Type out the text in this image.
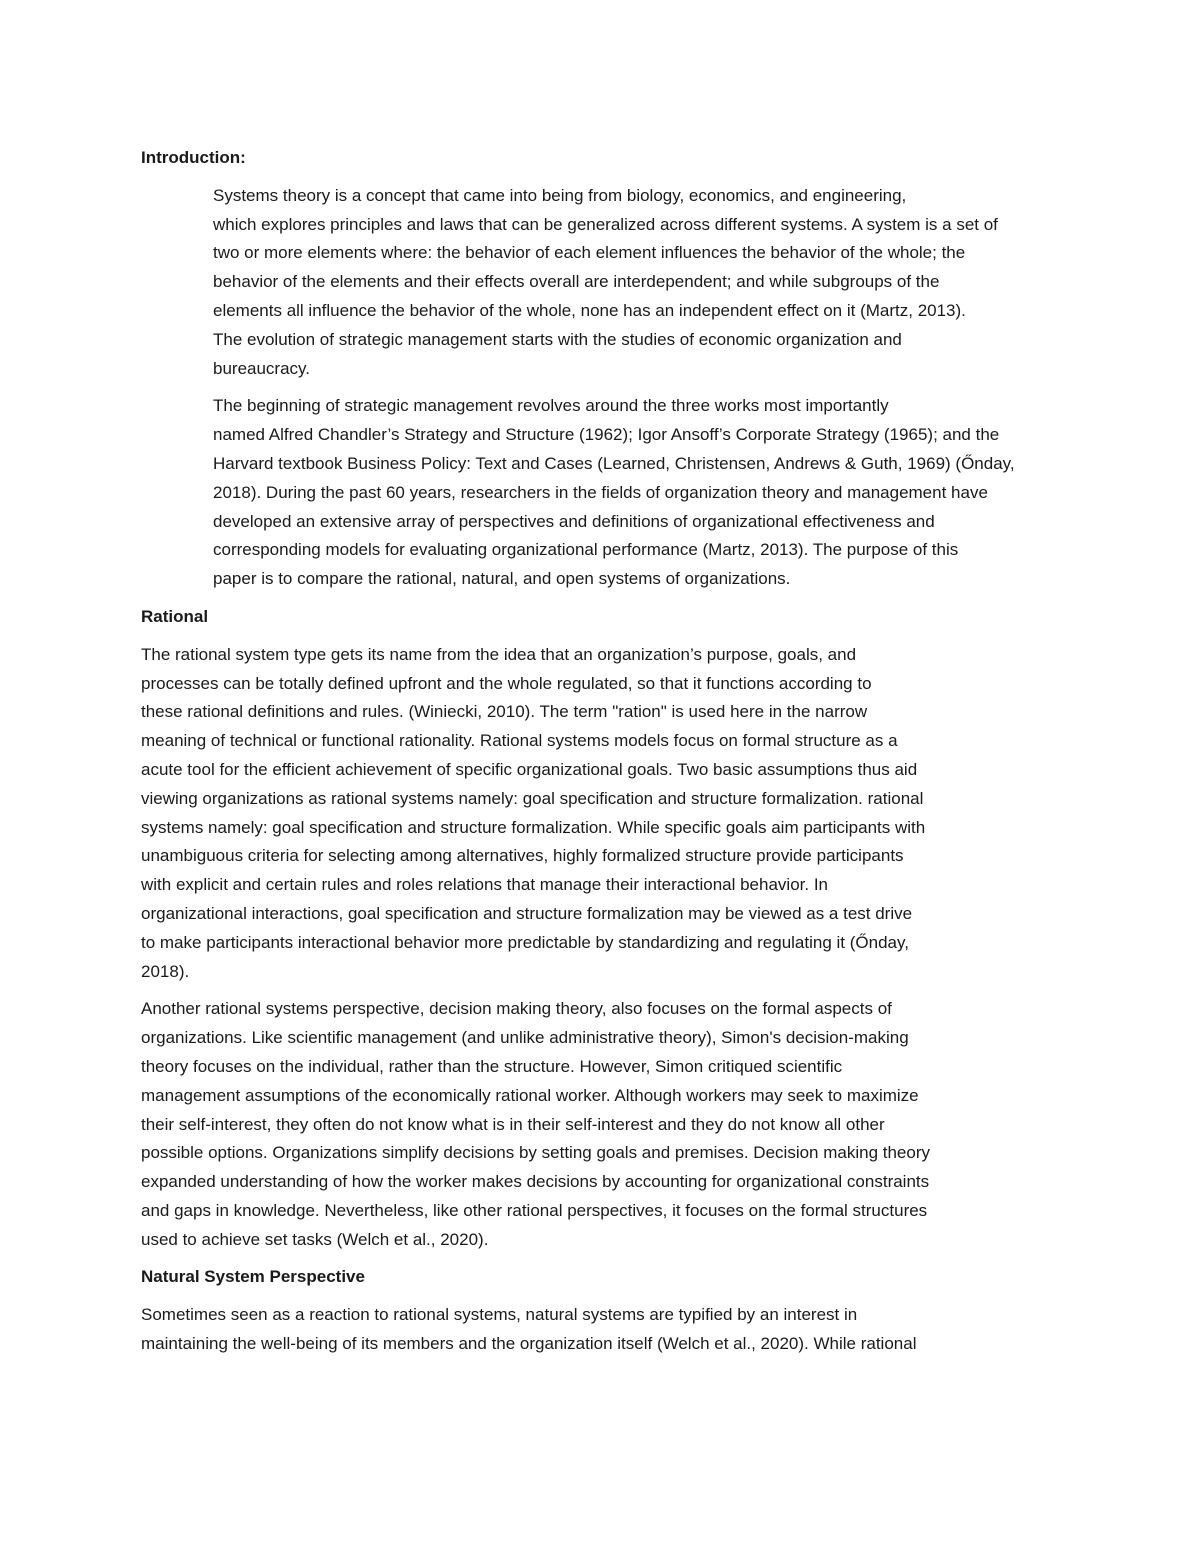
Introduction:
Systems theory is a concept that came into being from biology, economics, and engineering,
which explores principles and laws that can be generalized across different systems. A system is a set of
two or more elements where: the behavior of each element influences the behavior of the whole; the
behavior of the elements and their effects overall are interdependent; and while subgroups of the
elements all influence the behavior of the whole, none has an independent effect on it (Martz, 2013).
The evolution of strategic management starts with the studies of economic organization and
bureaucracy.
The beginning of strategic management revolves around the three works most importantly
named Alfred Chandler’s Strategy and Structure (1962); Igor Ansoff’s Corporate Strategy (1965); and the
Harvard textbook Business Policy: Text and Cases (Learned, Christensen, Andrews & Guth, 1969) (Őnday,
2018). During the past 60 years, researchers in the fields of organization theory and management have
developed an extensive array of perspectives and definitions of organizational effectiveness and
corresponding models for evaluating organizational performance (Martz, 2013). The purpose of this
paper is to compare the rational, natural, and open systems of organizations.
Rational
The rational system type gets its name from the idea that an organization’s purpose, goals, and
processes can be totally defined upfront and the whole regulated, so that it functions according to
these rational definitions and rules. (Winiecki, 2010). The term "ration" is used here in the narrow
meaning of technical or functional rationality. Rational systems models focus on formal structure as a
acute tool for the efficient achievement of specific organizational goals. Two basic assumptions thus aid
viewing organizations as rational systems namely: goal specification and structure formalization. rational
systems namely: goal specification and structure formalization. While specific goals aim participants with
unambiguous criteria for selecting among alternatives, highly formalized structure provide participants
with explicit and certain rules and roles relations that manage their interactional behavior. In
organizational interactions, goal specification and structure formalization may be viewed as a test drive
to make participants interactional behavior more predictable by standardizing and regulating it (Őnday,
2018).
Another rational systems perspective, decision making theory, also focuses on the formal aspects of
organizations. Like scientific management (and unlike administrative theory), Simon's decision-making
theory focuses on the individual, rather than the structure. However, Simon critiqued scientific
management assumptions of the economically rational worker. Although workers may seek to maximize
their self-interest, they often do not know what is in their self-interest and they do not know all other
possible options. Organizations simplify decisions by setting goals and premises. Decision making theory
expanded understanding of how the worker makes decisions by accounting for organizational constraints
and gaps in knowledge. Nevertheless, like other rational perspectives, it focuses on the formal structures
used to achieve set tasks (Welch et al., 2020).
Natural System Perspective
Sometimes seen as a reaction to rational systems, natural systems are typified by an interest in
maintaining the well-being of its members and the organization itself (Welch et al., 2020). While rational
